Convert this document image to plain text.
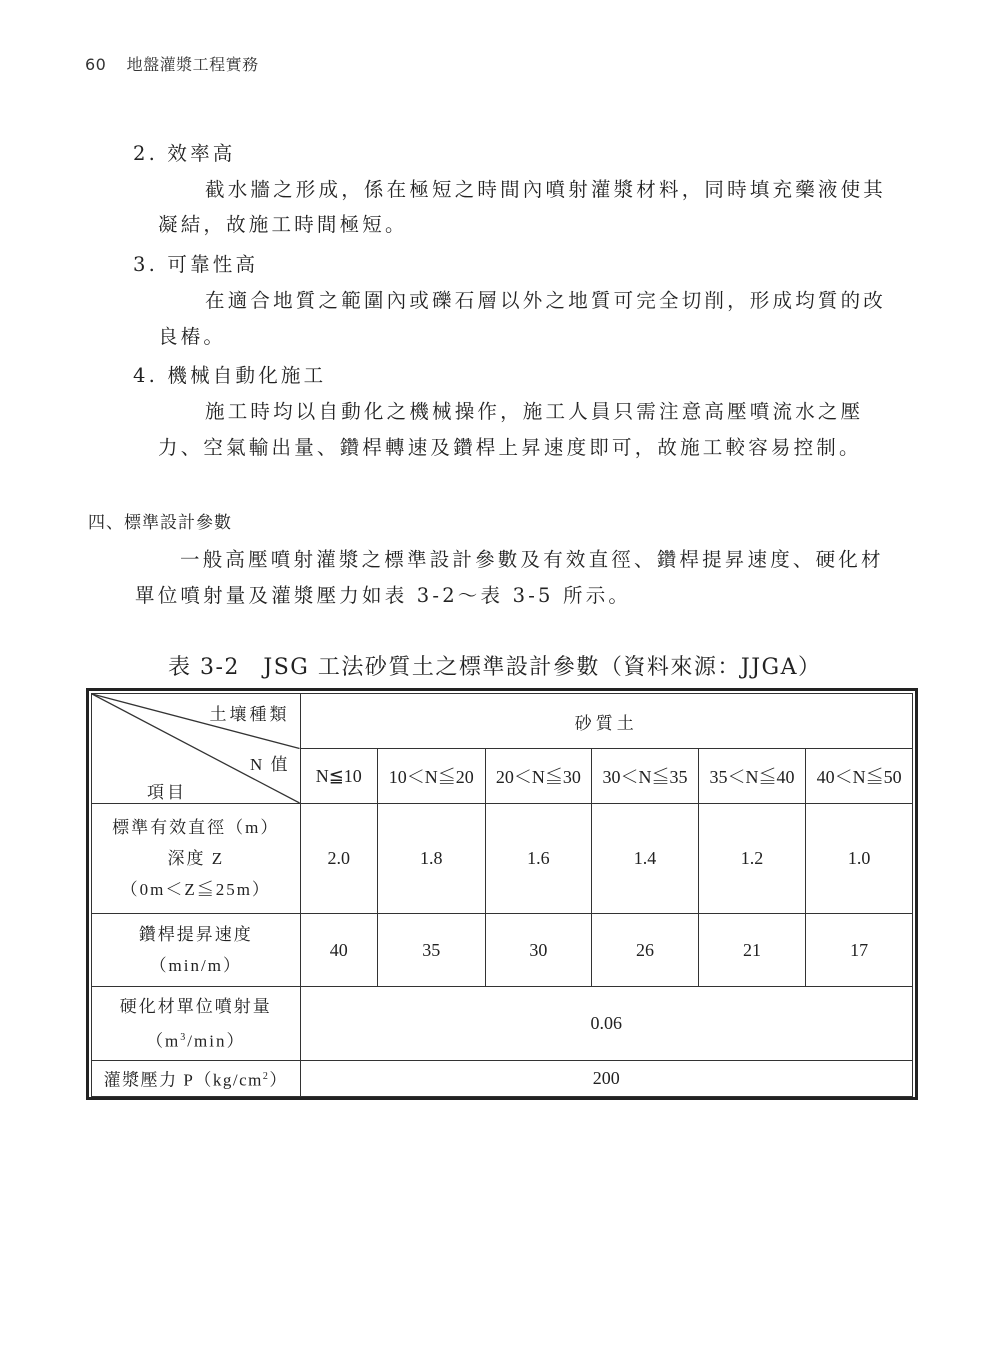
60 地盤灌漿工程實務
2. 效率高
截水牆之形成，係在極短之時間內噴射灌漿材料，同時填充藥液使其
凝結，故施工時間極短。
3. 可靠性高
在適合地質之範圍內或礫石層以外之地質可完全切削，形成均質的改
良樁。
4. 機械自動化施工
施工時均以自動化之機械操作，施工人員只需注意高壓噴流水之壓
力、空氣輸出量、鑽桿轉速及鑽桿上昇速度即可，故施工較容易控制。
四、標準設計參數
一般高壓噴射灌漿之標準設計參數及有效直徑、鑽桿提昇速度、硬化材
單位噴射量及灌漿壓力如表 3-2～表 3-5 所示。
表 3-2　JSG 工法砂質土之標準設計參數（資料來源：JJGA）
土壤種類
N 值
項目	砂質土					
	N≦10	10＜N≦20	20＜N≦30	30＜N≦35	35＜N≦40	40＜N≦50

標準有效直徑（m）
深度 Z
（0m＜Z≦25m）	2.0	1.8	1.6	1.4	1.2	1.0

鑽桿提昇速度
（min/m）	40	35	30	26	21	17

硬化材單位噴射量
$(m^3/\min)$	0.06					
灌漿壓力 $P(kg/cm^2)$	200					
